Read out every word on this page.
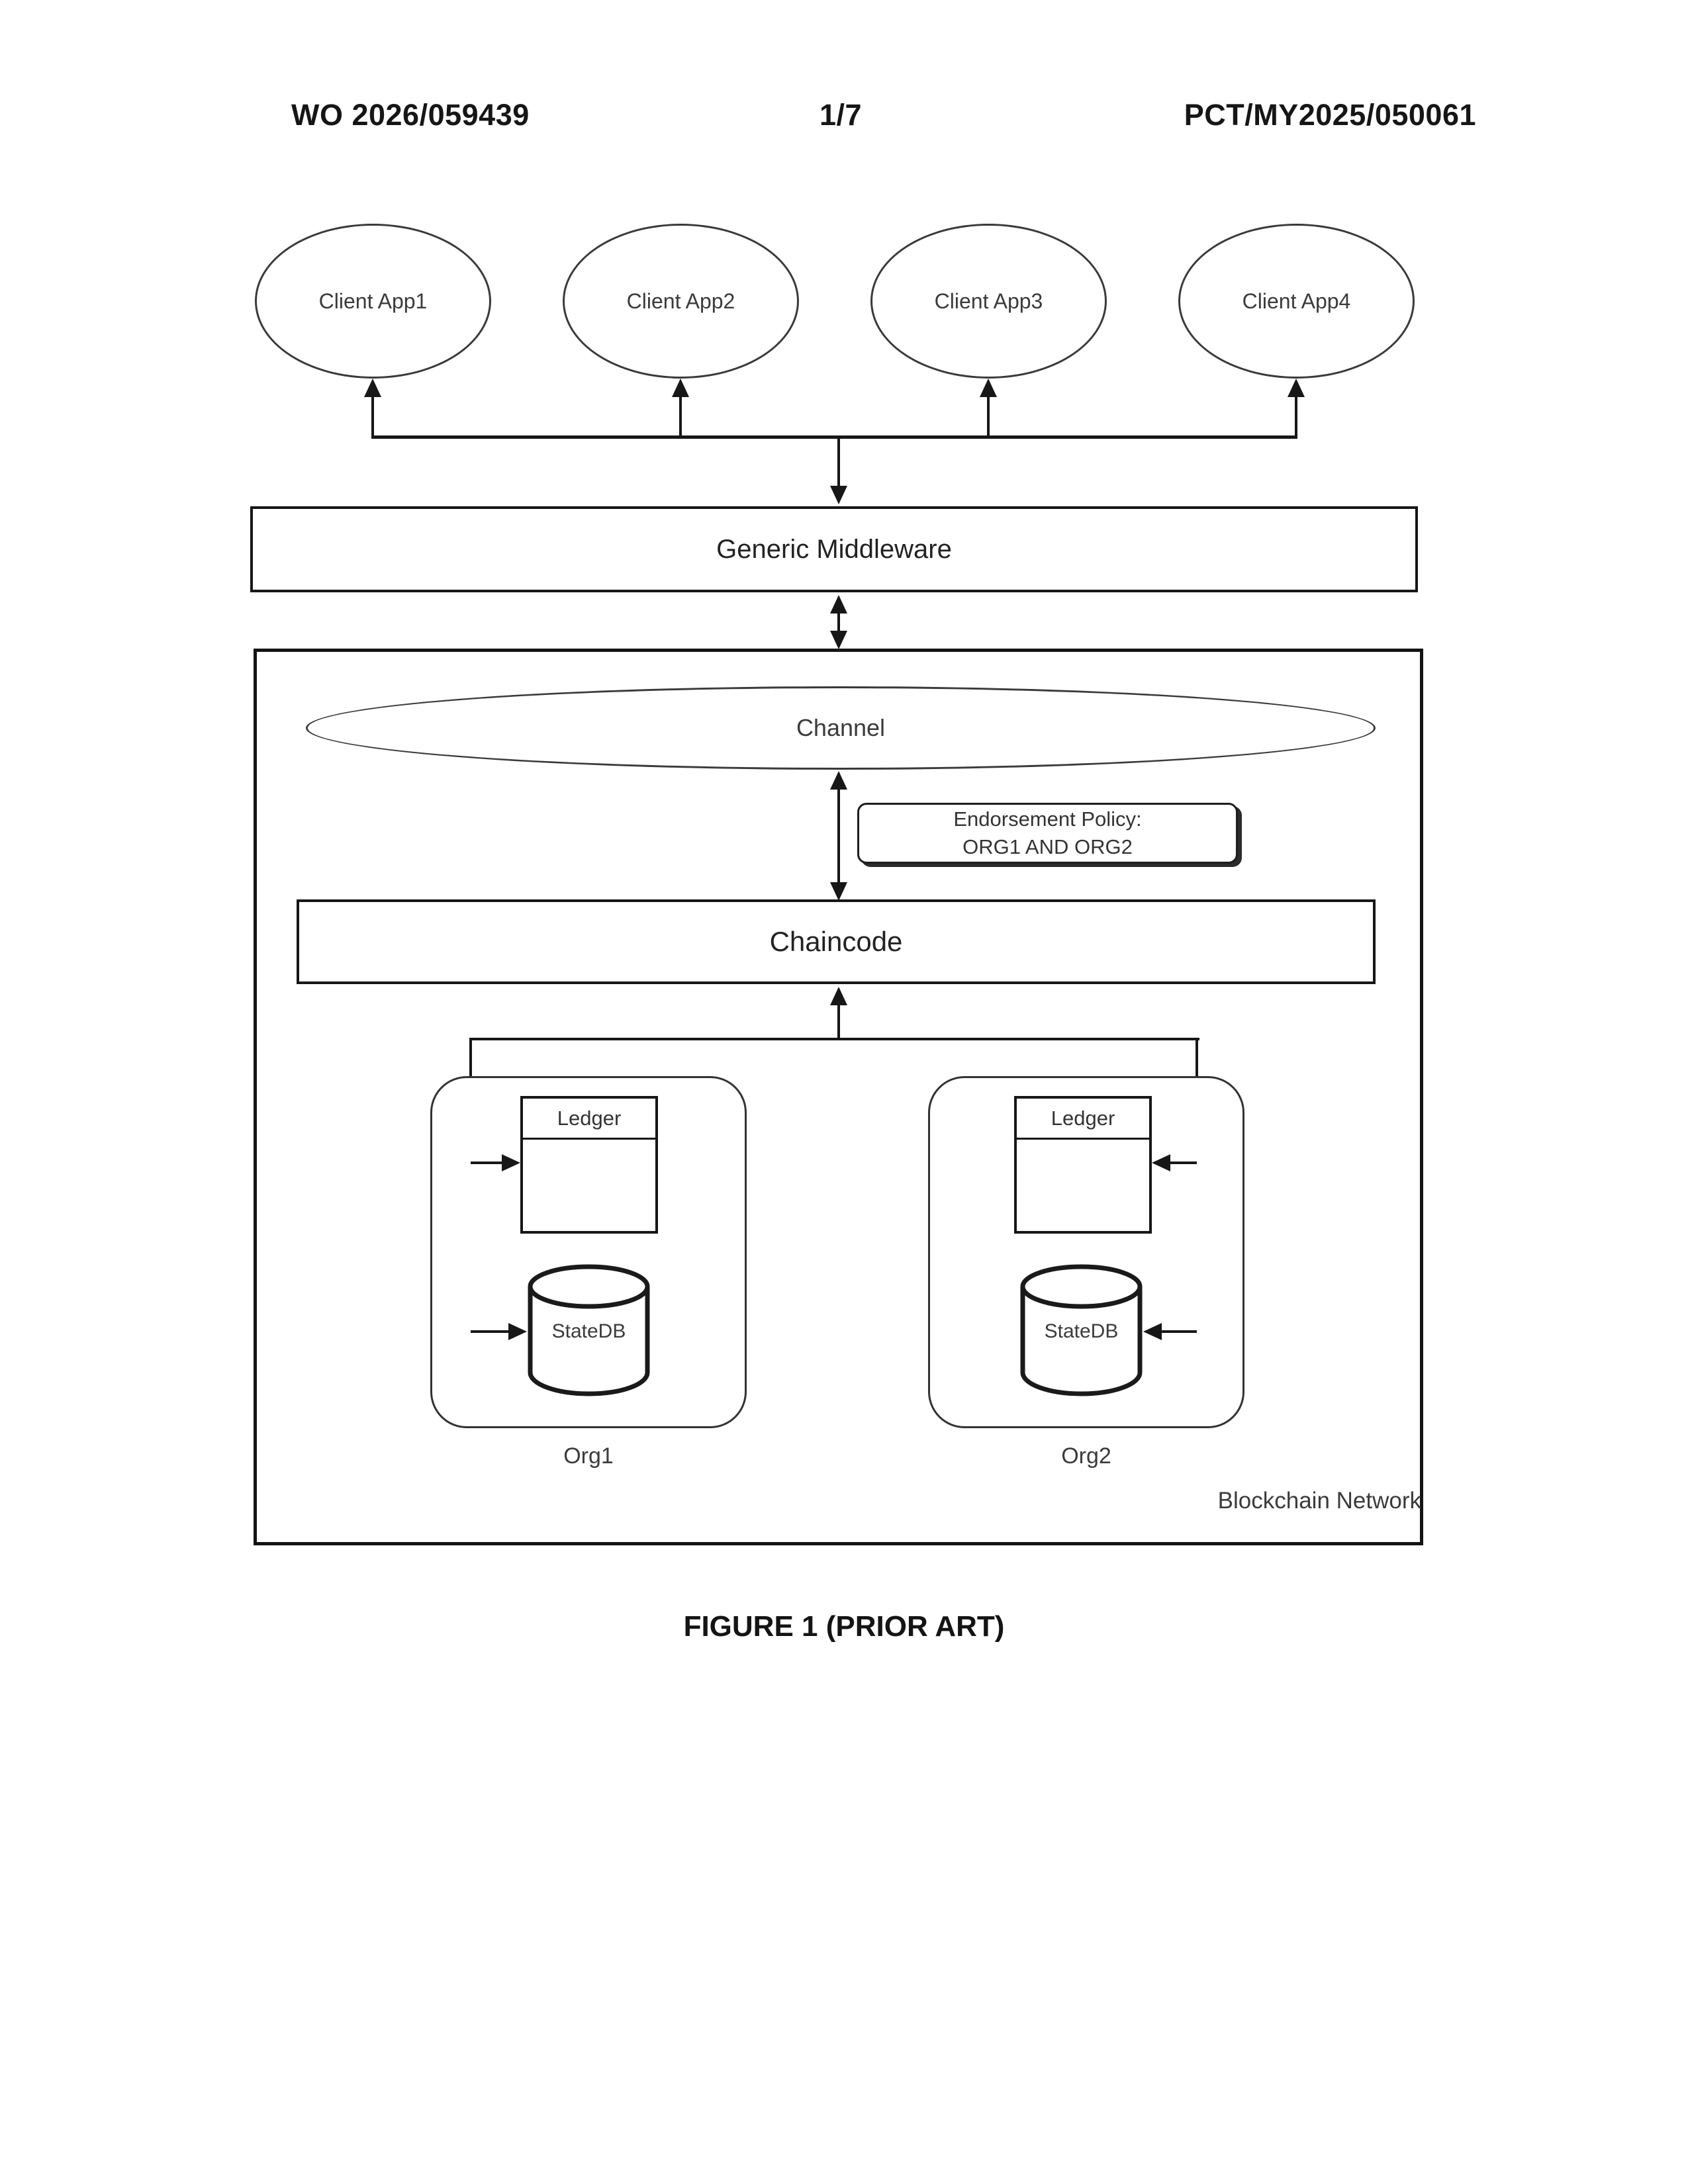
WO 2026/059439	1/7	PCT/MY2025/050061
Client App1	Client App2	Client App3	Client App4
Generic Middleware
Channel
Endorsement Policy:
ORG1 AND ORG2
Chaincode
Ledger	Ledger
StateDB	StateDB
Org1	Org2
Blockchain Network
FIGURE 1 (PRIOR ART)
